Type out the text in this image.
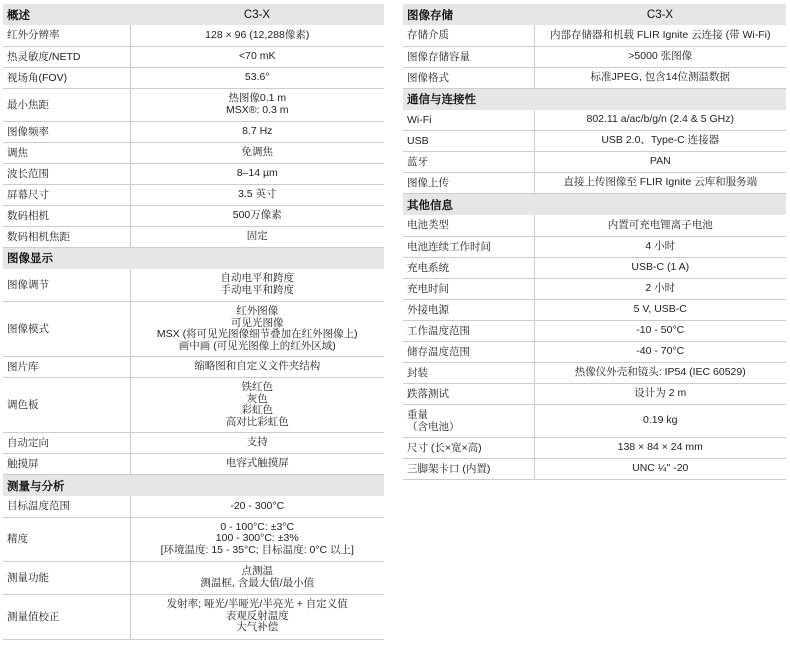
概述	C3-X

红外分辨率	128 × 96 (12,288像素)

热灵敏度/NETD	<70 mK

视场角(FOV)	53.6°

最小焦距	热图像0.1 m
MSX®: 0.3 m

图像频率	8.7 Hz

调焦	免调焦

波长范围	8–14 µm

屏幕尺寸	3.5 英寸

数码相机	500万像素

数码相机焦距	固定

图像显示	

图像调节	自动电平和跨度
手动电平和跨度

图像模式	红外图像
可见光图像
MSX (将可见光图像细节叠加在红外图像上)
画中画 (可见光图像上的红外区域)

图片库	缩略图和自定义文件夹结构

调色板	铁红色
灰色
彩虹色
高对比彩虹色

自动定向	支持

触摸屏	电容式触摸屏

测量与分析	

目标温度范围	-20 - 300°C

精度	0 - 100°C: ±3°C
100 - 300°C: ±3%
[环境温度: 15 - 35°C; 目标温度: 0°C 以上]

测量功能	点测温
测温框, 含最大值/最小值

测量值校正	发射率; 哑光/半哑光/半亮光 + 自定义值
表观反射温度
大气补偿
图像存储	C3-X

存储介质	内部存储器和机载 FLIR Ignite 云连接 (带 Wi-Fi)

图像存储容量	>5000 张图像

图像格式	标准JPEG, 包含14位测温数据

通信与连接性	

Wi-Fi	802.11 a/ac/b/g/n (2.4 & 5 GHz)

USB	USB 2.0、Type-C 连接器

蓝牙	PAN

图像上传	直接上传图像至 FLIR Ignite 云库和服务端

其他信息	

电池类型	内置可充电锂离子电池

电池连续工作时间	4 小时

充电系统	USB-C (1 A)

充电时间	2 小时

外接电源	5 V, USB-C

工作温度范围	-10 - 50°C

储存温度范围	-40 - 70°C

封装	热像仪外壳和镜头: IP54 (IEC 60529)

跌落测试	设计为 2 m

重量
（含电池）	0.19 kg

尺寸 (长×宽×高)	138 × 84 × 24 mm

三脚架卡口 (内置)	UNC ¼" -20
